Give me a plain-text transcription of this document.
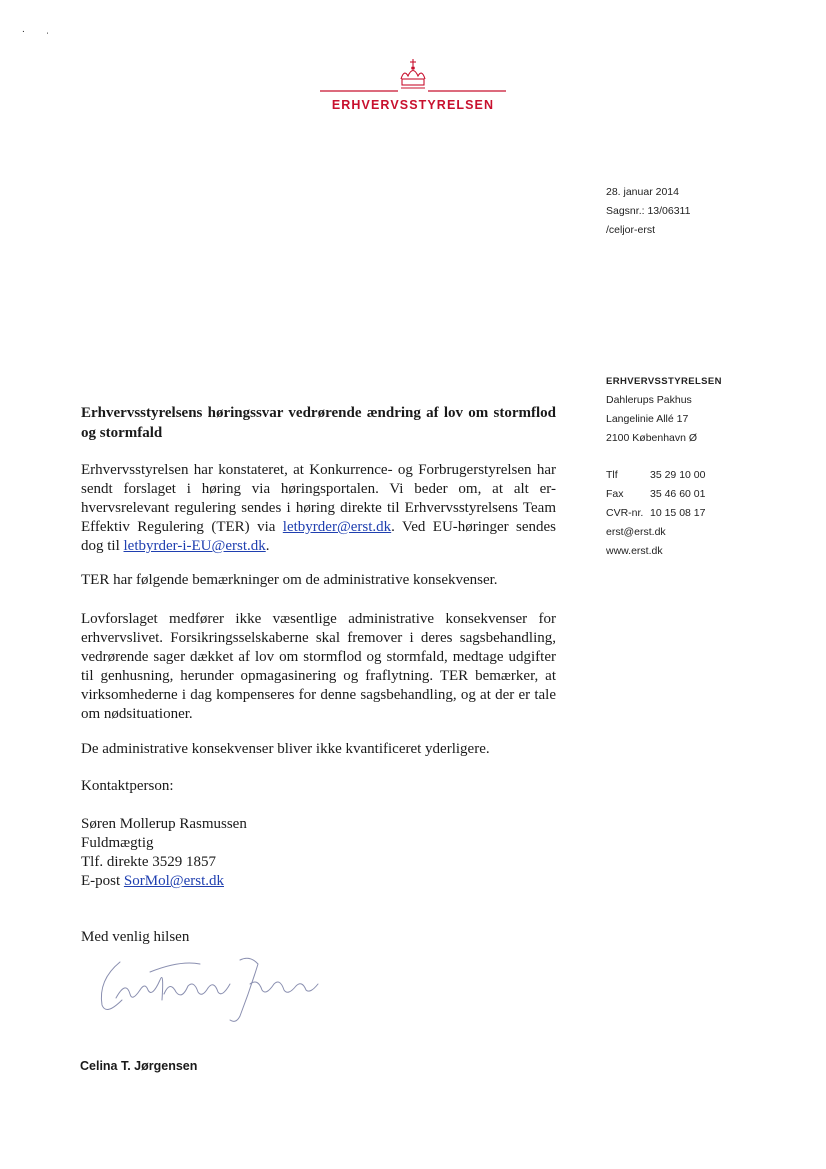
. ˌ
ERHVERVSSTYRELSEN
28. januar 2014
Sagsnr.: 13/06311
/celjor-erst
ERHVERVSSTYRELSEN
Dahlerups Pakhus
Langelinie Allé 17
2100 København Ø
Tlf	35 29 10 00
Fax	35 46 60 01
CVR-nr. 10 15 08 17
erst@erst.dk
www.erst.dk
Erhvervsstyrelsens høringssvar vedrørende ændring af lov om stormflod og stormfald

Erhvervsstyrelsen har konstateret, at Konkurrence- og Forbrugerstyrelsen har sendt forslaget i høring via høringsportalen. Vi beder om, at alt er-hvervsrelevant regulering sendes i høring direkte til Erhvervsstyrelsens Team Effektiv Regulering (TER) via letbyrder@erst.dk. Ved EU-høringer sendes dog til letbyrder-i-EU@erst.dk.

TER har følgende bemærkninger om de administrative konsekvenser.

Lovforslaget medfører ikke væsentlige administrative konsekvenser for erhvervslivet. Forsikringsselskaberne skal fremover i deres sagsbehandling, vedrørende sager dækket af lov om stormflod og stormfald, medtage udgifter til genhusning, herunder opmagasinering og fraflytning. TER bemærker, at virksomhederne i dag kompenseres for denne sagsbehandling, og at der er tale om nødsituationer.

De administrative konsekvenser bliver ikke kvantificeret yderligere.

Kontaktperson:
Søren Mollerup Rasmussen
Fuldmægtig
Tlf. direkte 3529 1857
E-post SorMol@erst.dk
Med venlig hilsen
Celina T. Jørgensen
